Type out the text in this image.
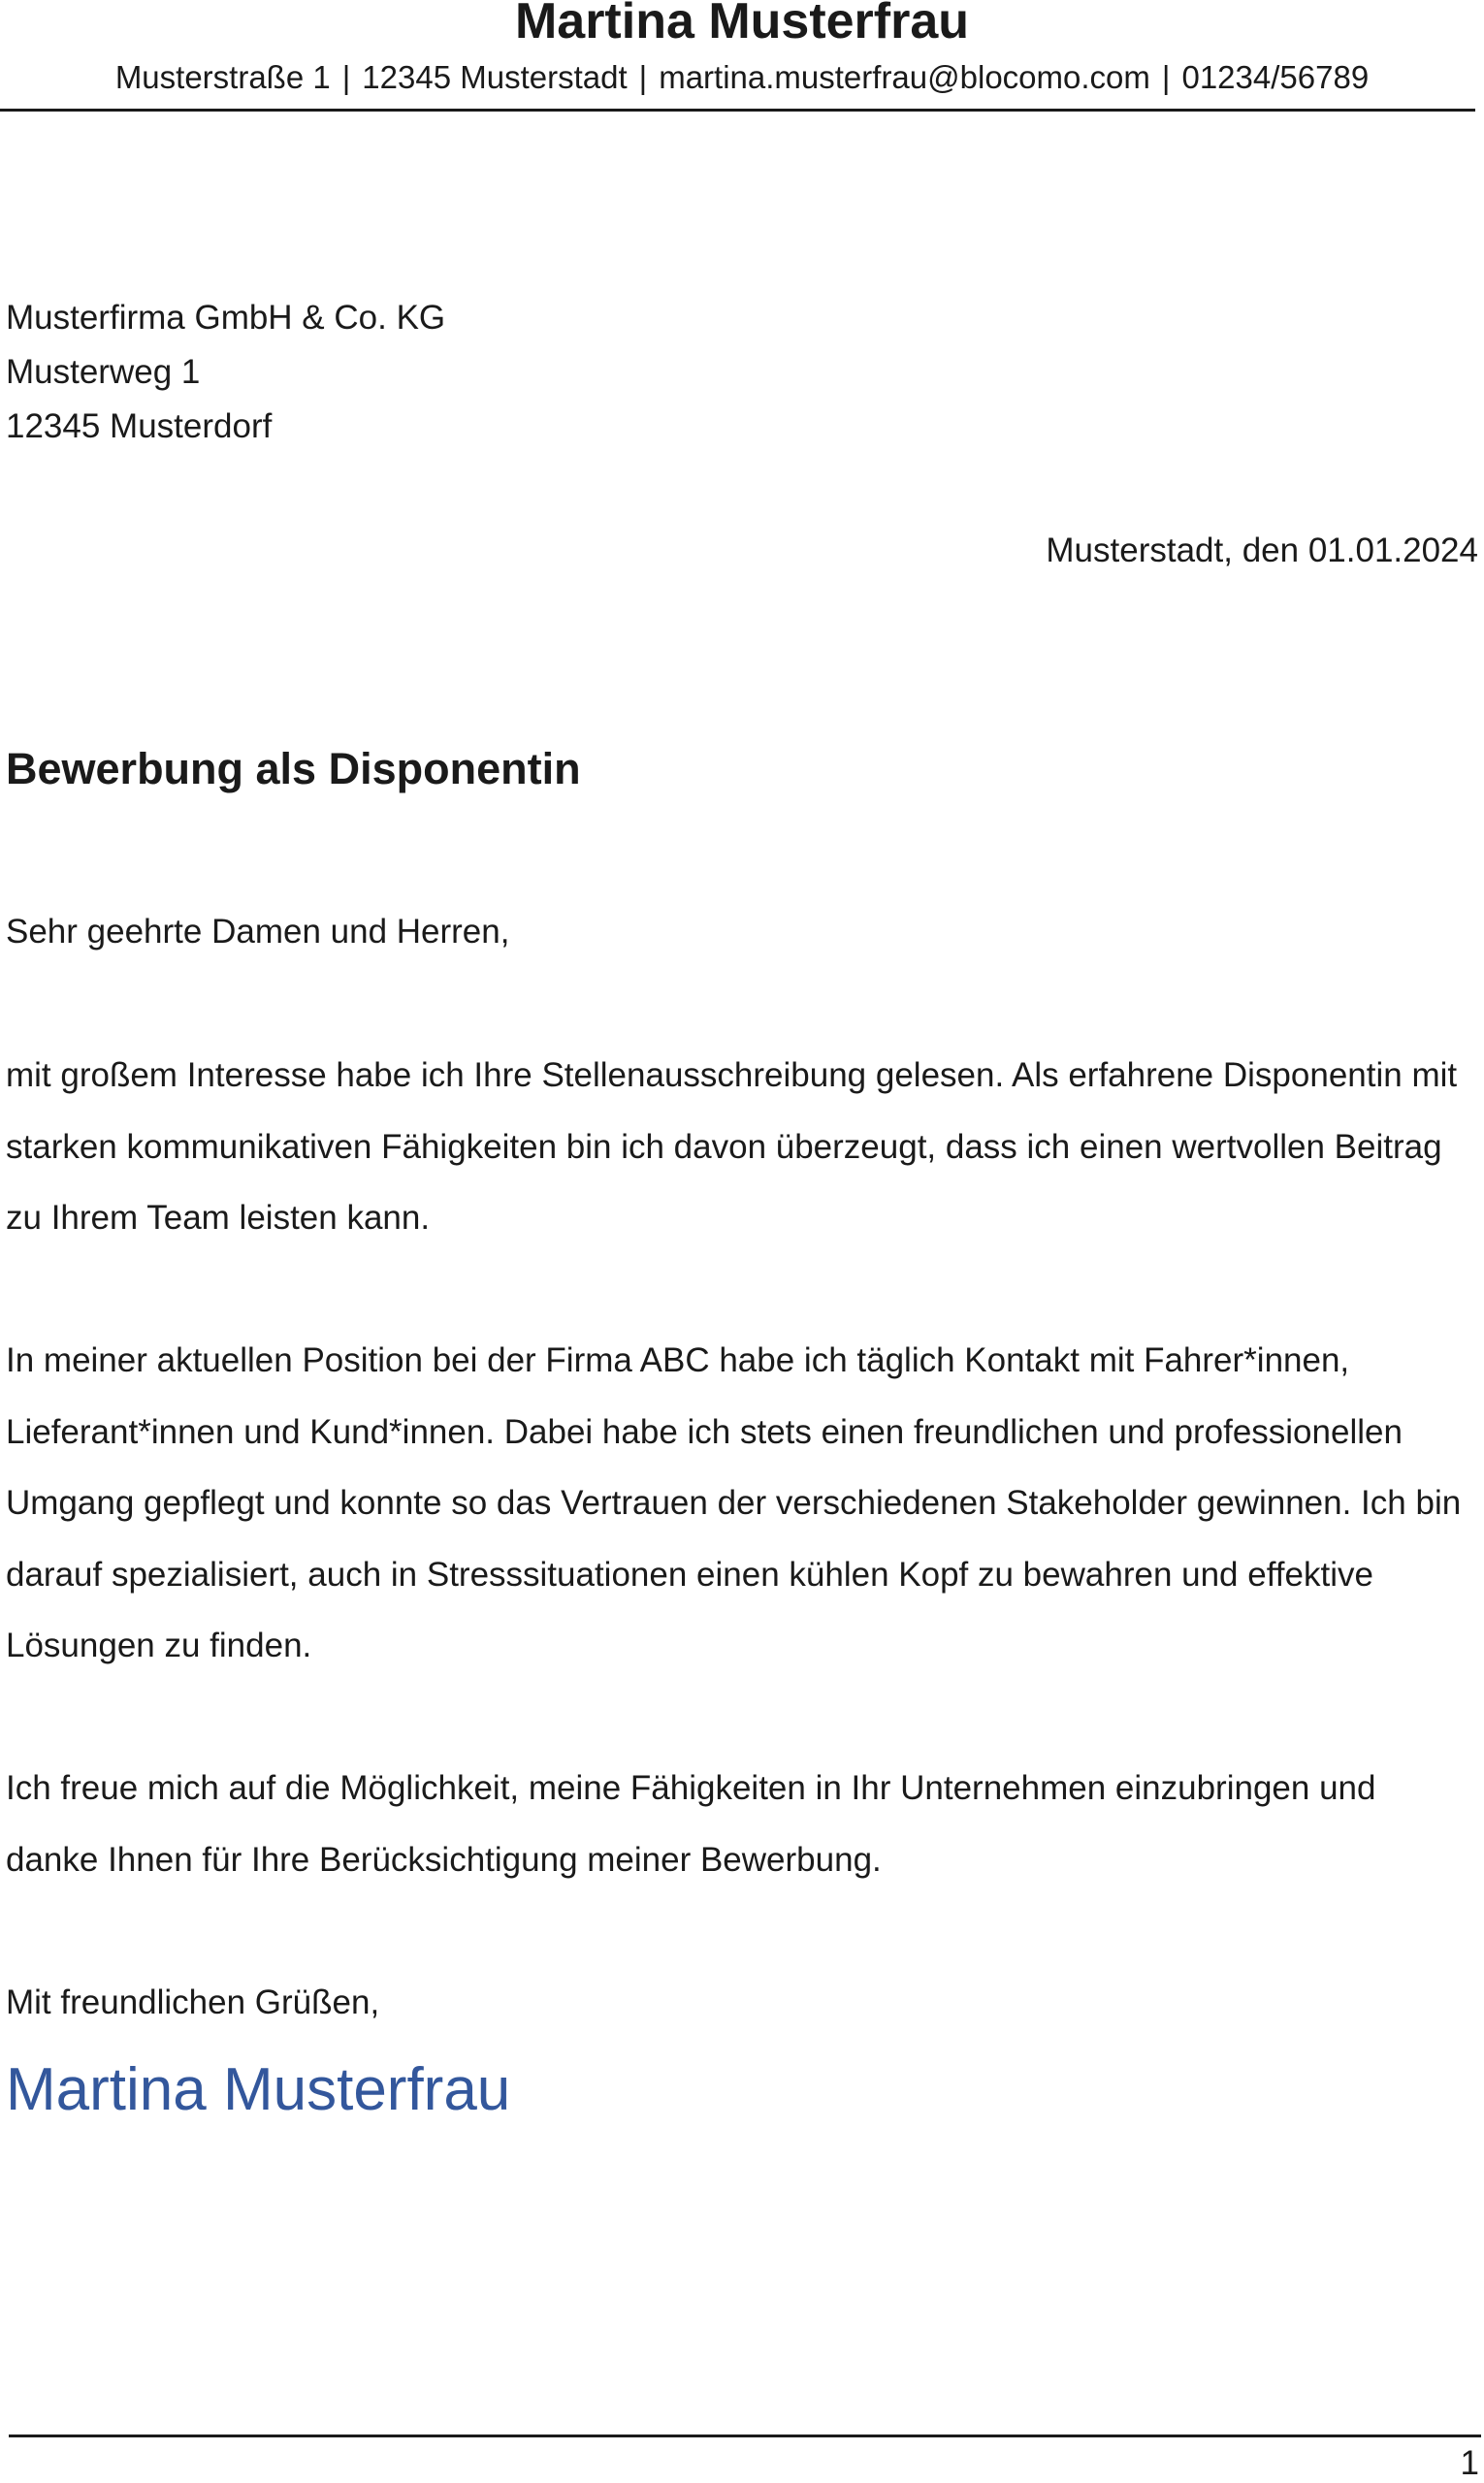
Martina Musterfrau
Musterstraße 1 | 12345 Musterstadt | martina.musterfrau@blocomo.com | 01234/56789
Musterfirma GmbH & Co. KG
Musterweg 1
12345 Musterdorf
Musterstadt, den 01.01.2024
Bewerbung als Disponentin
Sehr geehrte Damen und Herren,
mit großem Interesse habe ich Ihre Stellenausschreibung gelesen. Als erfahrene Disponentin mit starken kommunikativen Fähigkeiten bin ich davon überzeugt, dass ich einen wertvollen Beitrag zu Ihrem Team leisten kann.
In meiner aktuellen Position bei der Firma ABC habe ich täglich Kontakt mit Fahrer*innen, Lieferant*innen und Kund*innen. Dabei habe ich stets einen freundlichen und professionellen Umgang gepflegt und konnte so das Vertrauen der verschiedenen Stakeholder gewinnen. Ich bin darauf spezialisiert, auch in Stresssituationen einen kühlen Kopf zu bewahren und effektive Lösungen zu finden.
Ich freue mich auf die Möglichkeit, meine Fähigkeiten in Ihr Unternehmen einzubringen und danke Ihnen für Ihre Berücksichtigung meiner Bewerbung.
Mit freundlichen Grüßen,
Martina Musterfrau
1
